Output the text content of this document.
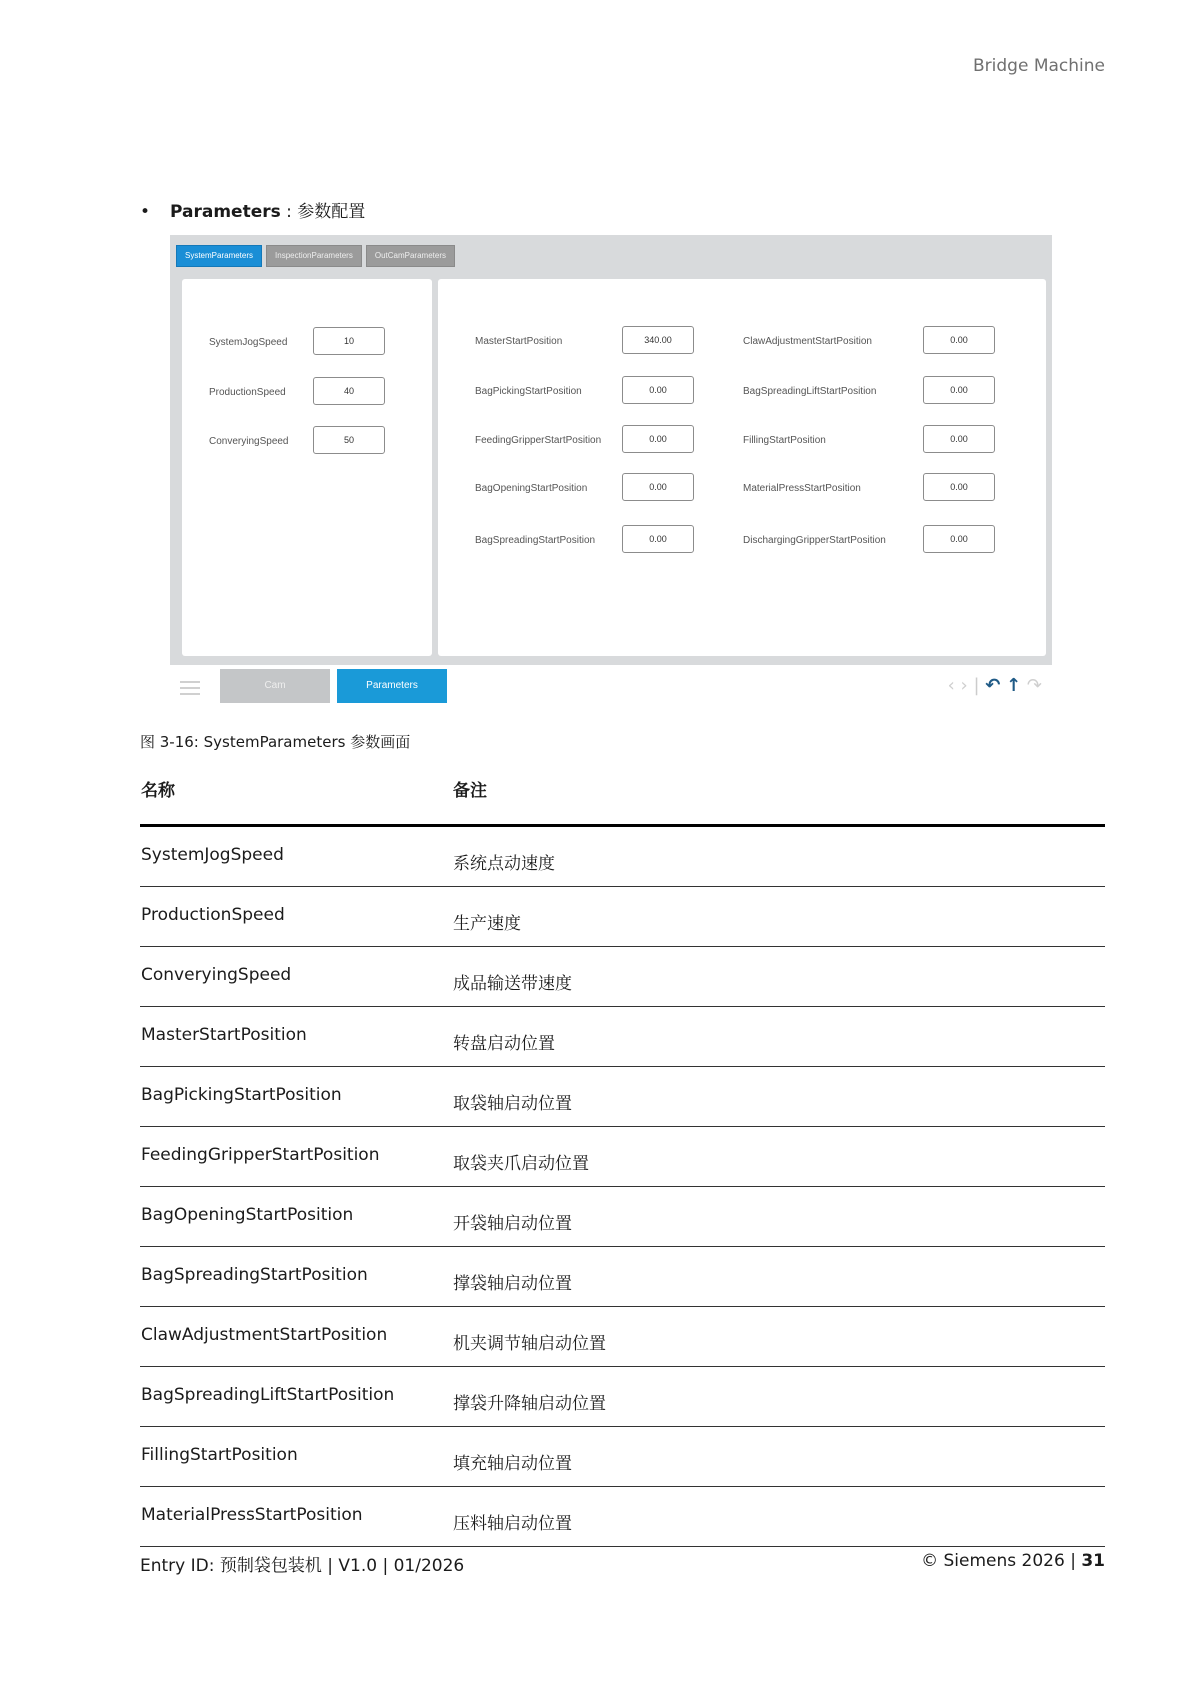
Bridge Machine
• Parameters : 参数配置
SystemParameters	InspectionParameters	OutCamParameters
SystemJogSpeed	10
ProductionSpeed	40
ConveryingSpeed	50
MasterStartPosition	340.00
BagPickingStartPosition	0.00
FeedingGripperStartPosition	0.00
BagOpeningStartPosition	0.00
BagSpreadingStartPosition	0.00
ClawAdjustmentStartPosition	0.00
BagSpreadingLiftStartPosition	0.00
FillingStartPosition	0.00
MaterialPressStartPosition	0.00
DischargingGripperStartPosition	0.00
Cam	Parameters	‹ › | ↶ ↑ ↷
图 3-16: SystemParameters 参数画面
名称	备注
SystemJogSpeed	系统点动速度
ProductionSpeed	生产速度
ConveryingSpeed	成品输送带速度
MasterStartPosition	转盘启动位置
BagPickingStartPosition	取袋轴启动位置
FeedingGripperStartPosition	取袋夹爪启动位置
BagOpeningStartPosition	开袋轴启动位置
BagSpreadingStartPosition	撑袋轴启动位置
ClawAdjustmentStartPosition	机夹调节轴启动位置
BagSpreadingLiftStartPosition	撑袋升降轴启动位置
FillingStartPosition	填充轴启动位置
MaterialPressStartPosition	压料轴启动位置
Entry ID: 预制袋包装机 | V1.0 | 01/2026	© Siemens 2026 | 31
